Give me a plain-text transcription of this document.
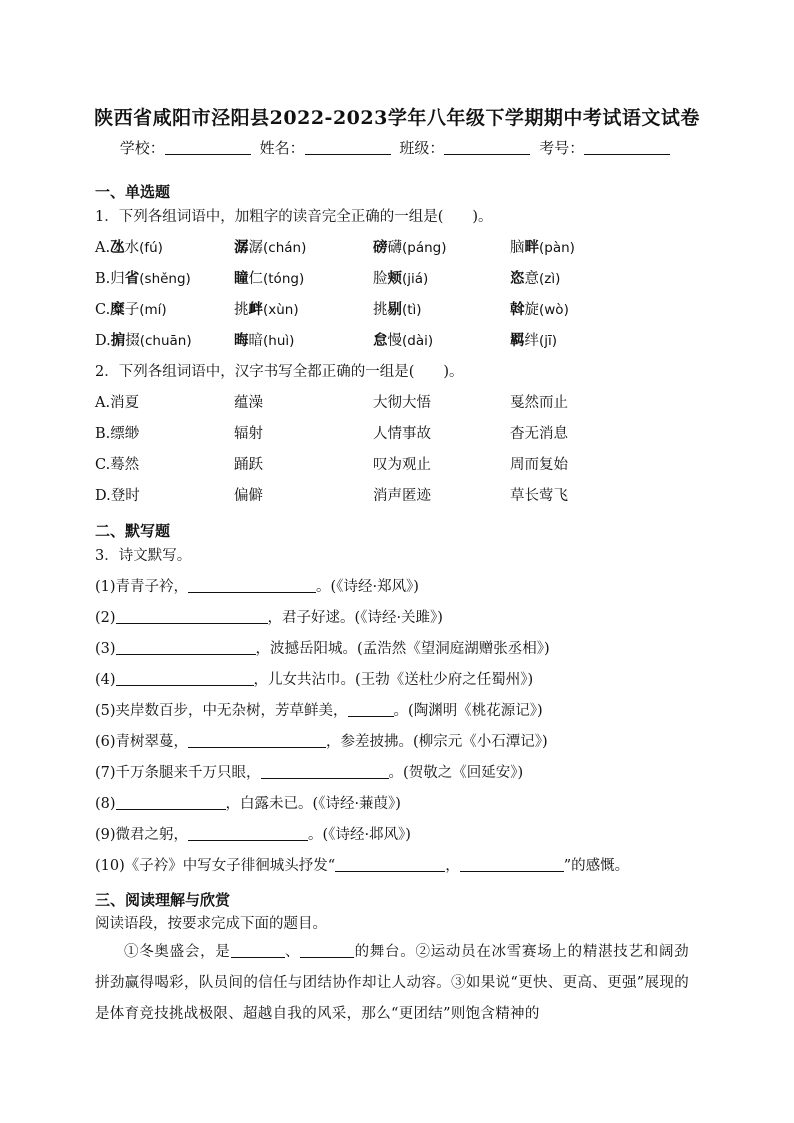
陕西省咸阳市泾阳县2022-2023学年八年级下学期期中考试语文试卷
学校：	姓名：	班级：	考号：
一、单选题
1．下列各组词语中，加粗字的读音完全正确的一组是(　　)。
A.氹水(fú)	潺潺(chán)	磅礴(páng)	脑畔(pàn)
B.归省(shěng)	瞳仁(tóng)	脸颊(jiá)	恣意(zì)
C.糜子(mí)	挑衅(xùn)	挑剔(tì)	斡旋(wò)
D.掮掇(chuān)	晦暗(huì)	怠慢(dài)	羁绊(jī)
2．下列各组词语中，汉字书写全都正确的一组是(　　)。
A.消夏	蕴澡	大彻大悟	戛然而止
B.缥缈	辐射	人情事故	杳无消息
C.蓦然	踊跃	叹为观止	周而复始
D.登时	偏僻	消声匿迹	草长莺飞
二、默写题
3．诗文默写。
(1)青青子衿，	。(《诗经·郑风》)
(2)	，君子好逑。(《诗经·关雎》)
(3)	，波撼岳阳城。(孟浩然《望洞庭湖赠张丞相》)
(4)	，儿女共沾巾。(王勃《送杜少府之任蜀州》)
(5)夹岸数百步，中无杂树，芳草鲜美，	。(陶渊明《桃花源记》)
(6)青树翠蔓，	，参差披拂。(柳宗元《小石潭记》)
(7)千万条腿来千万只眼，	。(贺敬之《回延安》)
(8)	，白露未已。(《诗经·蒹葭》)
(9)微君之躬，	。(《诗经·邶风》)
(10)《子衿》中写女子徘徊城头抒发“	，	”的感慨。
三、阅读理解与欣赏
阅读语段，按要求完成下面的题目。
①冬奥盛会，是	、	的舞台。②运动员在冰雪赛场上的精湛技艺和阔劲拼劲赢得喝彩，队员间的信任与团结协作却让人动容。③如果说“更快、更高、更强”展现的是体育竞技挑战极限、超越自我的风采，那么“更团结”则饱含精神的
